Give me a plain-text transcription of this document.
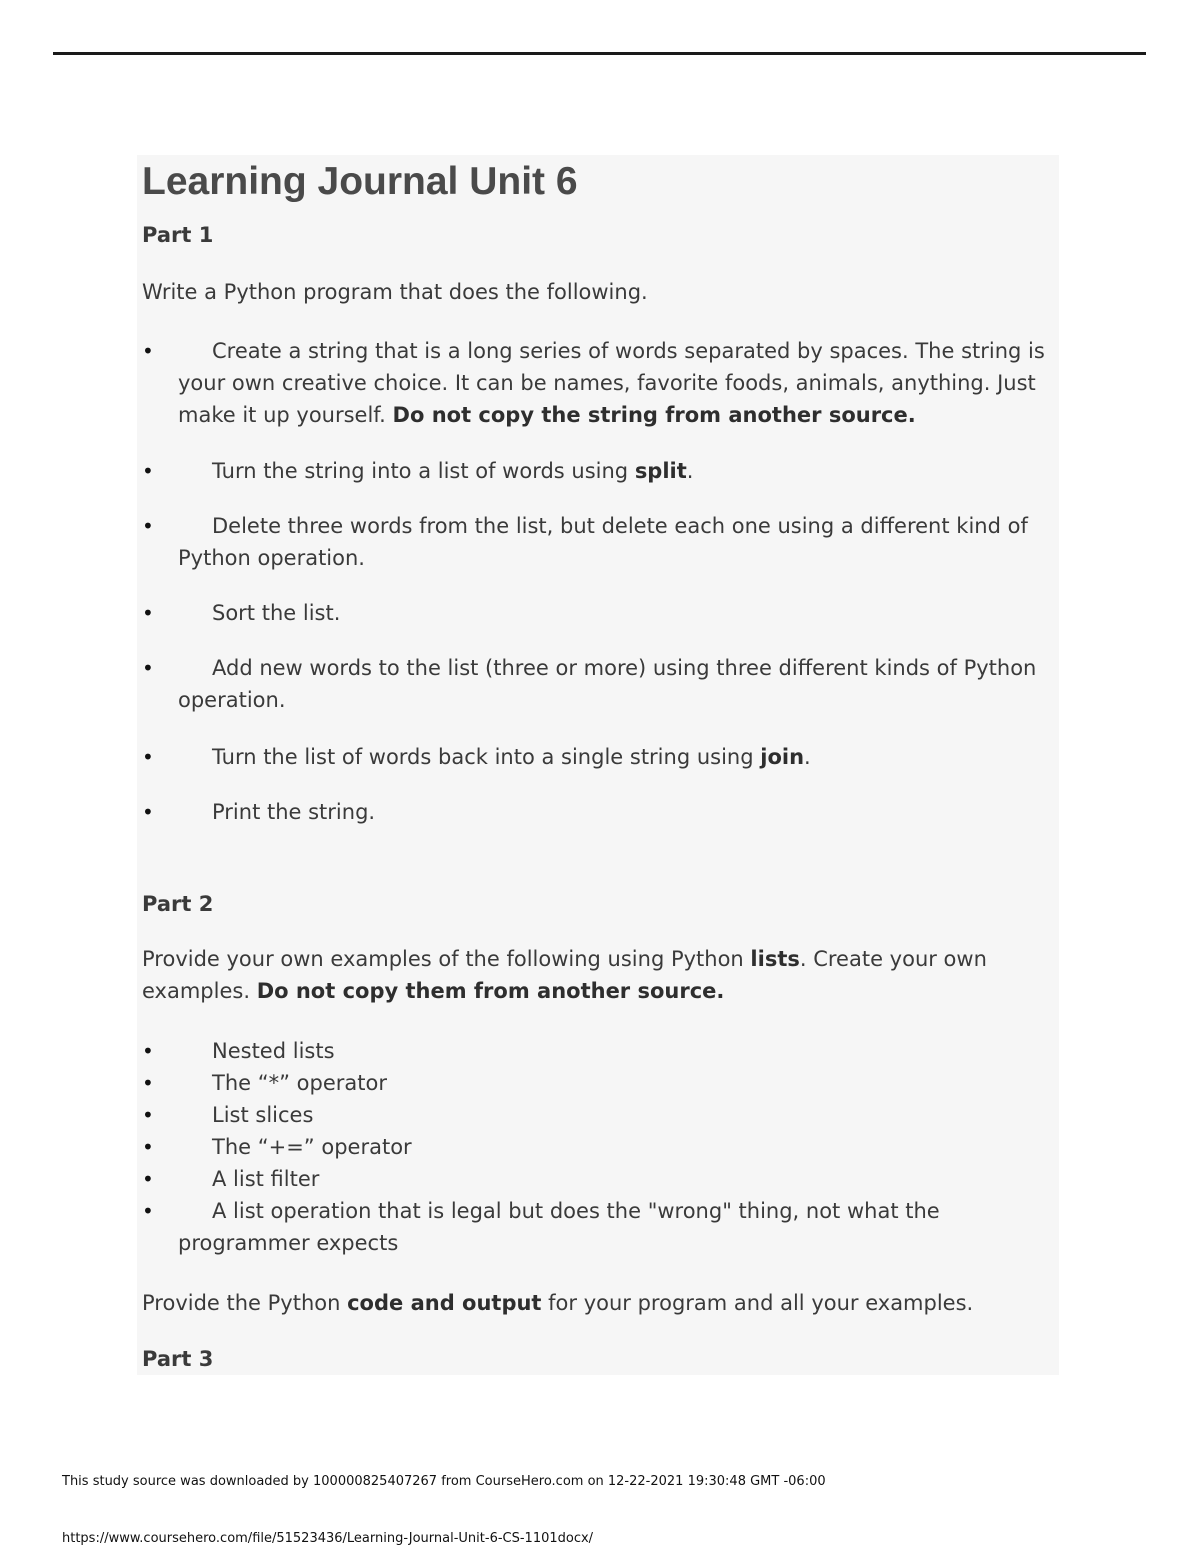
Learning Journal Unit 6
Part 1

Write a Python program that does the following.

•	Create a string that is a long series of words separated by spaces. The string is your own creative choice. It can be names, favorite foods, animals, anything. Just make it up yourself. Do not copy the string from another source.
•	Turn the string into a list of words using split.
•	Delete three words from the list, but delete each one using a different kind of Python operation.
•	Sort the list.
•	Add new words to the list (three or more) using three different kinds of Python operation.
•	Turn the list of words back into a single string using join.
•	Print the string.
Part 2

Provide your own examples of the following using Python lists. Create your own examples. Do not copy them from another source.

•	Nested lists
•	The “*” operator
•	List slices
•	The “+=” operator
•	A list filter
•	A list operation that is legal but does the "wrong" thing, not what the programmer expects

Provide the Python code and output for your program and all your examples.

Part 3

This study source was downloaded by 100000825407267 from CourseHero.com on 12-22-2021 19:30:48 GMT -06:00

https://www.coursehero.com/file/51523436/Learning-Journal-Unit-6-CS-1101docx/
